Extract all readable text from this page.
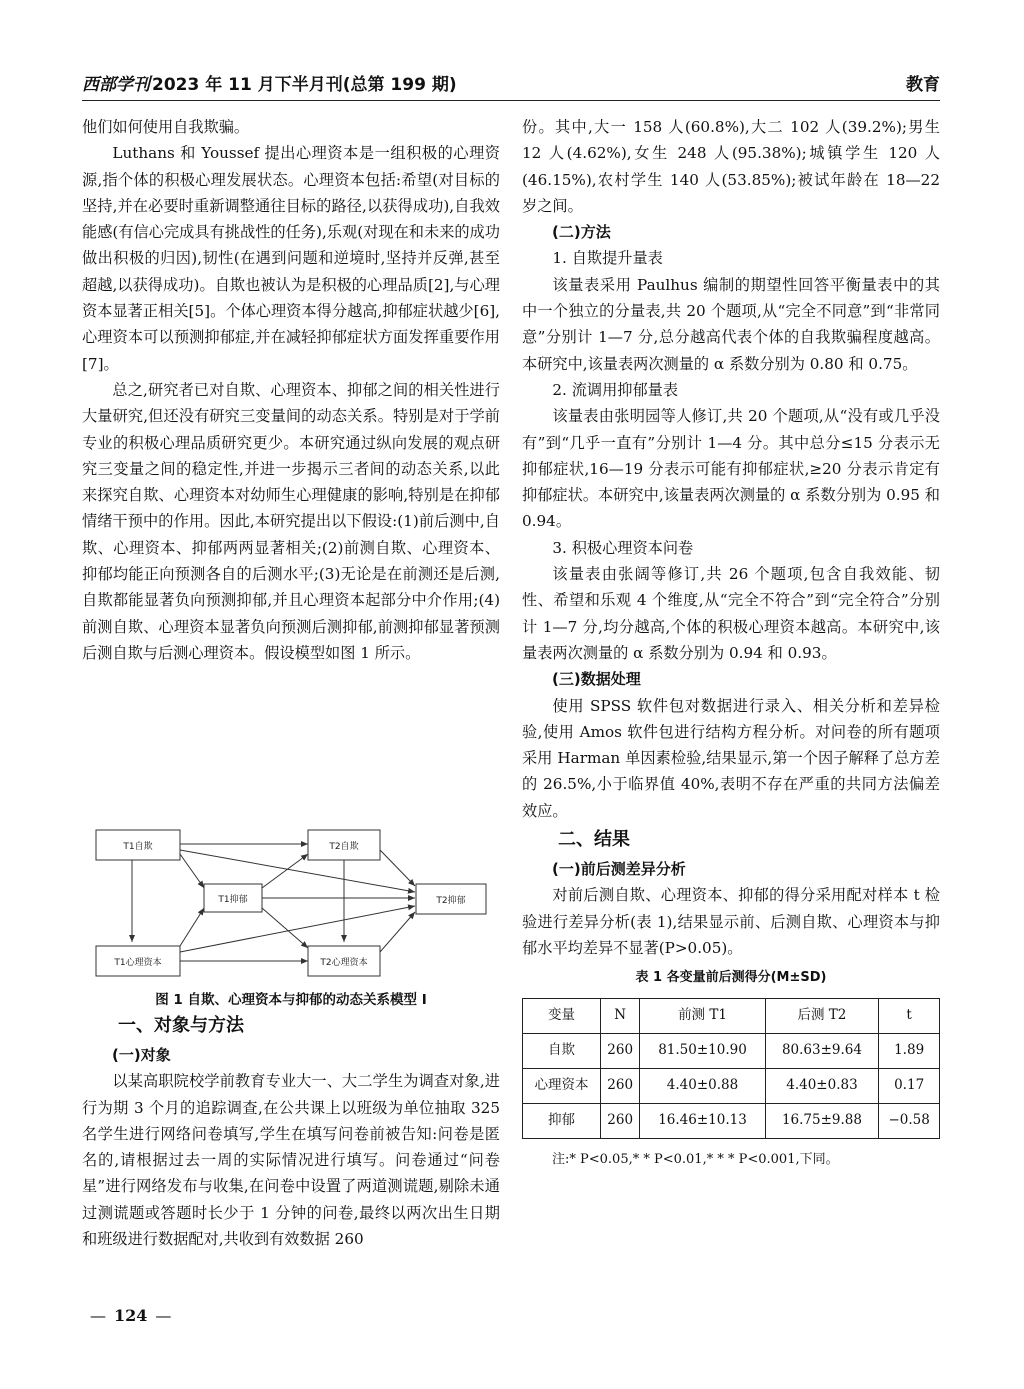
西部学刊 2023 年 11 月下半月刊(总第 199 期)	教育

他们如何使用自我欺骗。

Luthans 和 Youssef 提出心理资本是一组积极的心理资源,指个体的积极心理发展状态。心理资本包括:希望(对目标的坚持,并在必要时重新调整通往目标的路径,以获得成功),自我效能感(有信心完成具有挑战性的任务),乐观(对现在和未来的成功做出积极的归因),韧性(在遇到问题和逆境时,坚持并反弹,甚至超越,以获得成功)。自欺也被认为是积极的心理品质[2],与心理资本显著正相关[5]。个体心理资本得分越高,抑郁症状越少[6],心理资本可以预测抑郁症,并在减轻抑郁症状方面发挥重要作用[7]。

总之,研究者已对自欺、心理资本、抑郁之间的相关性进行大量研究,但还没有研究三变量间的动态关系。特别是对于学前专业的积极心理品质研究更少。本研究通过纵向发展的观点研究三变量之间的稳定性,并进一步揭示三者间的动态关系,以此来探究自欺、心理资本对幼师生心理健康的影响,特别是在抑郁情绪干预中的作用。因此,本研究提出以下假设:(1)前后测中,自欺、心理资本、抑郁两两显著相关;(2)前测自欺、心理资本、抑郁均能正向预测各自的后测水平;(3)无论是在前测还是后测,自欺都能显著负向预测抑郁,并且心理资本起部分中介作用;(4)前测自欺、心理资本显著负向预测后测抑郁,前测抑郁显著预测后测自欺与后测心理资本。假设模型如图 1 所示。

T1自欺	T2自欺
T1抑郁	T2抑郁
T1心理资本	T2心理资本
图 1 自欺、心理资本与抑郁的动态关系模型 I
一、对象与方法
(一)对象

以某高职院校学前教育专业大一、大二学生为调查对象,进行为期 3 个月的追踪调查,在公共课上以班级为单位抽取 325 名学生进行网络问卷填写,学生在填写问卷前被告知:问卷是匿名的,请根据过去一周的实际情况进行填写。问卷通过“问卷星”进行网络发布与收集,在问卷中设置了两道测谎题,剔除未通过测谎题或答题时长少于 1 分钟的问卷,最终以两次出生日期和班级进行数据配对,共收到有效数据 260

份。其中,大一 158 人(60.8%),大二 102 人(39.2%);男生 12 人(4.62%),女生 248 人(95.38%);城镇学生 120 人(46.15%),农村学生 140 人(53.85%);被试年龄在 18—22 岁之间。

(二)方法
1. 自欺提升量表

该量表采用 Paulhus 编制的期望性回答平衡量表中的其中一个独立的分量表,共 20 个题项,从“完全不同意”到“非常同意”分别计 1—7 分,总分越高代表个体的自我欺骗程度越高。本研究中,该量表两次测量的 α 系数分别为 0.80 和 0.75。

2. 流调用抑郁量表

该量表由张明园等人修订,共 20 个题项,从“没有或几乎没有”到“几乎一直有”分别计 1—4 分。其中总分≤15 分表示无抑郁症状,16—19 分表示可能有抑郁症状,≥20 分表示肯定有抑郁症状。本研究中,该量表两次测量的 α 系数分别为 0.95 和 0.94。

3. 积极心理资本问卷

该量表由张阔等修订,共 26 个题项,包含自我效能、韧性、希望和乐观 4 个维度,从“完全不符合”到“完全符合”分别计 1—7 分,均分越高,个体的积极心理资本越高。本研究中,该量表两次测量的 α 系数分别为 0.94 和 0.93。

(三)数据处理

使用 SPSS 软件包对数据进行录入、相关分析和差异检验,使用 Amos 软件包进行结构方程分析。对问卷的所有题项采用 Harman 单因素检验,结果显示,第一个因子解释了总方差的 26.5%,小于临界值 40%,表明不存在严重的共同方法偏差效应。

二、结果
(一)前后测差异分析

对前后测自欺、心理资本、抑郁的得分采用配对样本 t 检验进行差异分析(表 1),结果显示前、后测自欺、心理资本与抑郁水平均差异不显著(P>0.05)。

表 1 各变量前后测得分(M±SD)
变量	N	前测 T1	后测 T2	t
自欺	260	81.50±10.90	80.63±9.64	1.89
心理资本	260	4.40±0.88	4.40±0.83	0.17
抑郁	260	16.46±10.13	16.75±9.88	−0.58
注:* P<0.05,* * P<0.01,* * * P<0.001,下同。
— 124 —
